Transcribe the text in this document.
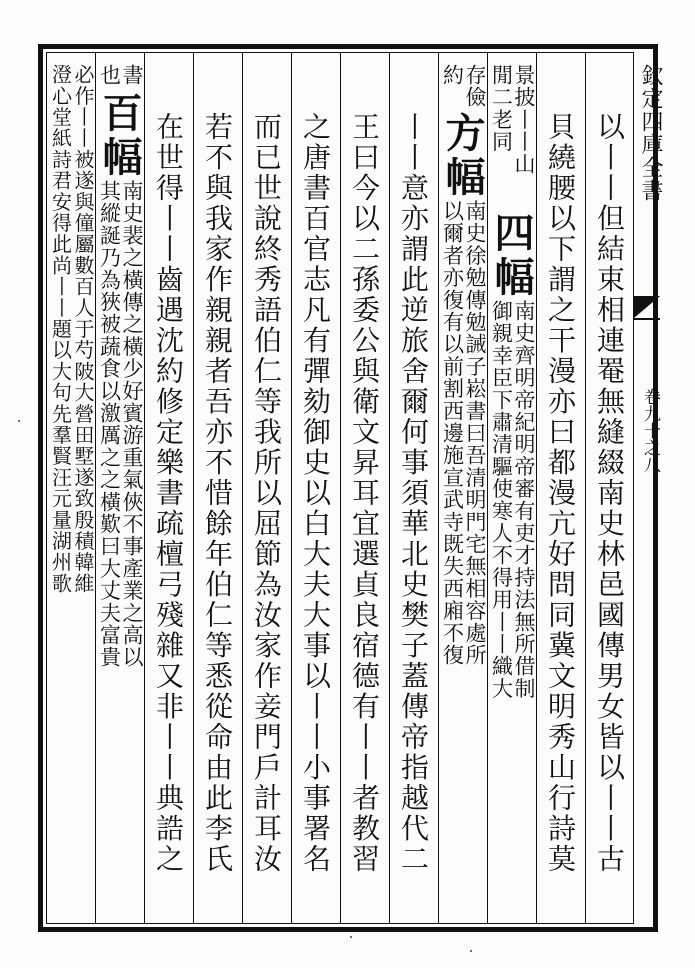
欽定四庫全書
卷九十之八
以丨丨但結束相連罨無縫綴南史林邑國傳男女皆以丨丨古
貝繞腰以下謂之干漫亦曰都漫亢好問同冀文明秀山行詩莫
景披丨丨山
閒二老同
四幅
南史齊明帝紀明帝審有吏才持法無所借制
御親幸臣下肅清驅使寒人不得用丨丨織大
存儉
約
方幅
南史徐勉傳勉誡子崧書曰吾清明門宅無相容處所
以爾者亦復有以前割西邊施宣武寺既失西廂不復
丨丨意亦謂此逆旅舍爾何事須華北史樊子蓋傳帝指越代二
王曰今以二孫委公與衛文昇耳宜選貞良宿德有丨丨者教習
之唐書百官志凡有彈劾御史以白大夫大事以丨丨小事署名
而已世說終秀語伯仁等我所以屈節為汝家作妾門戶計耳汝
若不與我家作親親者吾亦不惜餘年伯仁等悉從命由此李氏
在世得丨丨齒遇沈約修定樂書疏檀弓殘雜又非丨丨典誥之
書
也
百幅
南史裴之橫傳之橫少好賓游重氣俠不事產業之高以
其縱誕乃為狹被蔬食以激厲之之橫歎曰大丈夫富貴
必作丨丨被遂與僮屬數百人于芍陂大營田墅遂致殷積韓維
澄心堂紙詩君安得此尚丨丨題以大句先羣賢汪元量湖州歌
